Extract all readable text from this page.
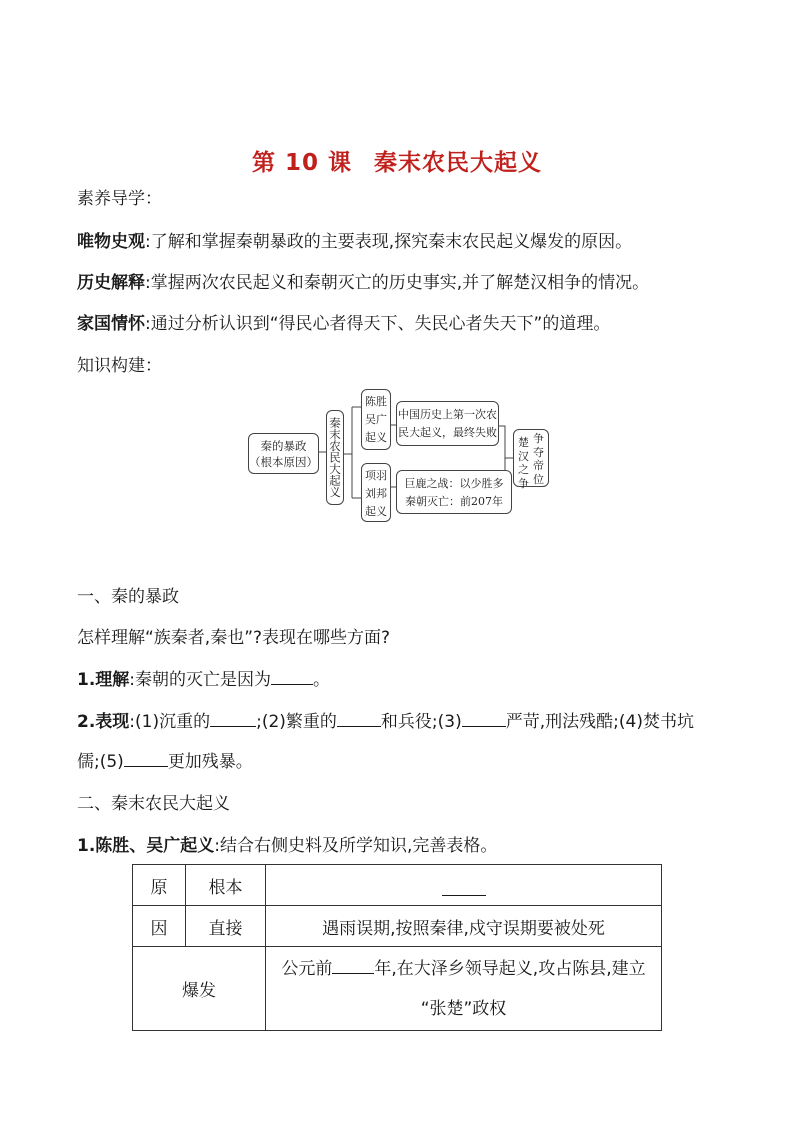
第 10 课 秦末农民大起义
素养导学：
唯物史观:了解和掌握秦朝暴政的主要表现,探究秦末农民起义爆发的原因。
历史解释:掌握两次农民起义和秦朝灭亡的历史事实,并了解楚汉相争的情况。
家国情怀:通过分析认识到“得民心者得天下、失民心者失天下”的道理。
知识构建：
秦的暴政
（根本原因） 秦末农民大起义
陈胜吴广起义
项羽刘邦起义
中国历史上第一次农
民大起义，最终失败
巨鹿之战：以少胜多
秦朝灭亡：前207年
楚汉之争
争夺帝位
一、秦的暴政
怎样理解“族秦者,秦也”?表现在哪些方面?
1.理解:秦朝的灭亡是因为 。
2.表现:(1)沉重的	;(2)繁重的	和兵役;(3)	严苛,刑法残酷;(4)焚书坑
儒;(5)	更加残暴。
二、秦末农民大起义
1.陈胜、吴广起义:结合右侧史料及所学知识,完善表格。
原	根本	
因	直接	遇雨误期,按照秦律,戍守误期要被处死
爆发		公元前 年,在大泽乡领导起义,攻占陈县,建立
“张楚”政权
